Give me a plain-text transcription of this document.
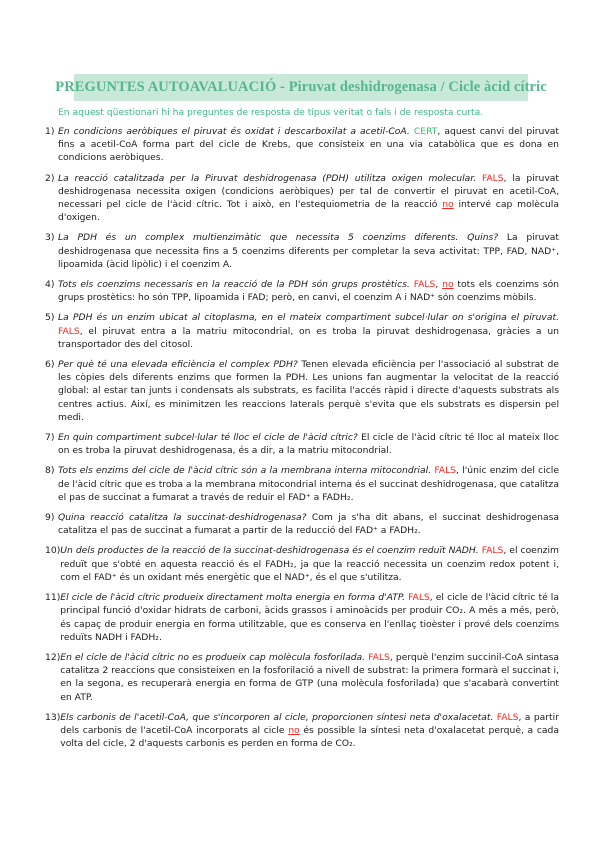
PREGUNTES AUTOAVALUACIÓ - Piruvat deshidrogenasa / Cicle àcid cítric

En aquest qüestionari hi ha preguntes de resposta de tipus veritat o fals i de resposta curta.

1) En condicions aeròbiques el piruvat és oxidat i descarboxilat a acetil-CoA. CERT, aquest canvi del piruvat fins a acetil-CoA forma part del cicle de Krebs, que consisteix en una via catabòlica que es dona en condicions aeròbiques.

2) La reacció catalitzada per la Piruvat deshidrogenasa (PDH) utilitza oxigen molecular. FALS, la piruvat deshidrogenasa necessita oxigen (condicions aeròbiques) per tal de convertir el piruvat en acetil-CoA, necessari pel cicle de l'àcid cítric. Tot i això, en l'estequiometria de la reacció no intervé cap molècula d'oxigen.

3) La PDH és un complex multienzimàtic que necessita 5 coenzims diferents. Quins? La piruvat deshidrogenasa que necessita fins a 5 coenzims diferents per completar la seva activitat: TPP, FAD, NAD⁺, lipoamida (àcid lipòlic) i el coenzim A.

4) Tots els coenzims necessaris en la reacció de la PDH són grups prostètics. FALS, no tots els coenzims són grups prostètics: ho són TPP, lipoamida i FAD; però, en canvi, el coenzim A i NAD⁺ són coenzims mòbils.

5) La PDH és un enzim ubicat al citoplasma, en el mateix compartiment subcel·lular on s'origina el piruvat. FALS, el piruvat entra a la matriu mitocondrial, on es troba la piruvat deshidrogenasa, gràcies a un transportador des del citosol.

6) Per què té una elevada eficiència el complex PDH? Tenen elevada eficiència per l'associació al substrat de les còpies dels diferents enzims que formen la PDH. Les unions fan augmentar la velocitat de la reacció global: al estar tan junts i condensats als substrats, es facilita l'accés ràpid i directe d'aquests substrats als centres actius. Així, es minimitzen les reaccions laterals perquè s'evita que els substrats es dispersin pel medi.

7) En quin compartiment subcel·lular té lloc el cicle de l'àcid cítric? El cicle de l'àcid cítric té lloc al mateix lloc on es troba la piruvat deshidrogenasa, és a dir, a la matriu mitocondrial.

8) Tots els enzims del cicle de l'àcid cítric són a la membrana interna mitocondrial. FALS, l'únic enzim del cicle de l'àcid cítric que es troba a la membrana mitocondrial interna és el succinat deshidrogenasa, que catalitza el pas de succinat a fumarat a través de reduir el FAD⁺ a FADH₂.

9) Quina reacció catalitza la succinat-deshidrogenasa? Com ja s'ha dit abans, el succinat deshidrogenasa catalitza el pas de succinat a fumarat a partir de la reducció del FAD⁺ a FADH₂.

10) Un dels productes de la reacció de la succinat-deshidrogenasa és el coenzim reduït NADH. FALS, el coenzim reduït que s'obté en aquesta reacció és el FADH₂, ja que la reacció necessita un coenzim redox potent i, com el FAD⁺ és un oxidant més energètic que el NAD⁺, és el que s'utilitza.

11) El cicle de l'àcid cítric produeix directament molta energia en forma d'ATP. FALS, el cicle de l'àcid cítric té la principal funció d'oxidar hidrats de carboni, àcids grassos i aminoàcids per produir CO₂. A més a més, però, és capaç de produir energia en forma utilitzable, que es conserva en l'enllaç tioèster i prové dels coenzims reduïts NADH i FADH₂.

12) En el cicle de l'àcid cítric no es produeix cap molècula fosforilada. FALS, perquè l'enzim succinil-CoA sintasa catalitza 2 reaccions que consisteixen en la fosforilació a nivell de substrat: la primera formarà el succinat i, en la segona, es recuperarà energia en forma de GTP (una molècula fosforilada) que s'acabarà convertint en ATP.

13) Els carbonis de l'acetil-CoA, que s'incorporen al cicle, proporcionen síntesi neta d'oxalacetat. FALS, a partir dels carbonis de l'acetil-CoA incorporats al cicle no és possible la síntesi neta d'oxalacetat perquè, a cada volta del cicle, 2 d'aquests carbonis es perden en forma de CO₂.
